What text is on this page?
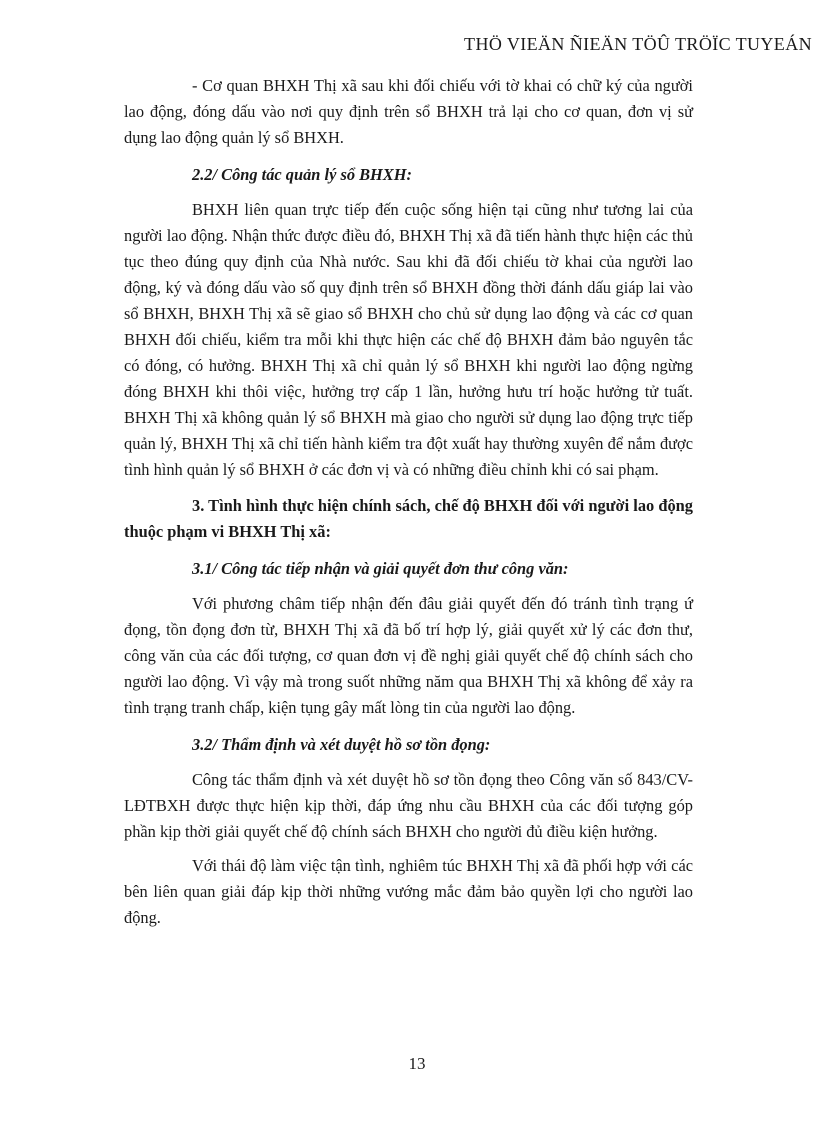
THÖ VIEÄN ÑIEÄN TÖÛ TRÖÏC TUYEÁN

- Cơ quan BHXH Thị xã sau khi đối chiếu với tờ khai có chữ ký của người lao động, đóng dấu vào nơi quy định trên sổ BHXH trả lại cho cơ quan, đơn vị sử dụng lao động quản lý sổ BHXH.

2.2/ Công tác quản lý sổ BHXH:

BHXH liên quan trực tiếp đến cuộc sống hiện tại cũng như tương lai của người lao động. Nhận thức được điều đó, BHXH Thị xã đã tiến hành thực hiện các thủ tục theo đúng quy định của Nhà nước. Sau khi đã đối chiếu tờ khai của người lao động, ký và đóng dấu vào số quy định trên sổ BHXH đồng thời đánh dấu giáp lai vào sổ BHXH, BHXH Thị xã sẽ giao sổ BHXH cho chủ sử dụng lao động và các cơ quan BHXH đối chiếu, kiểm tra mỗi khi thực hiện các chế độ BHXH đảm bảo nguyên tắc có đóng, có hưởng. BHXH Thị xã chỉ quản lý sổ BHXH khi người lao động ngừng đóng BHXH khi thôi việc, hưởng trợ cấp 1 lần, hưởng hưu trí hoặc hưởng tử tuất. BHXH Thị xã không quản lý sổ BHXH mà giao cho người sử dụng lao động trực tiếp quản lý, BHXH Thị xã chỉ tiến hành kiểm tra đột xuất hay thường xuyên để nắm được tình hình quản lý sổ BHXH ở các đơn vị và có những điều chỉnh khi có sai phạm.

3. Tình hình thực hiện chính sách, chế độ BHXH đối với người lao động thuộc phạm vi BHXH Thị xã:
3.1/ Công tác tiếp nhận và giải quyết đơn thư công văn:

Với phương châm tiếp nhận đến đâu giải quyết đến đó tránh tình trạng ứ đọng, tồn đọng đơn từ, BHXH Thị xã đã bố trí hợp lý, giải quyết xử lý các đơn thư, công văn của các đối tượng, cơ quan đơn vị đề nghị giải quyết chế độ chính sách cho người lao động. Vì vậy mà trong suốt những năm qua BHXH Thị xã không để xảy ra tình trạng tranh chấp, kiện tụng gây mất lòng tin của người lao động.

3.2/ Thẩm định và xét duyệt hồ sơ tồn đọng:

Công tác thẩm định và xét duyệt hồ sơ tồn đọng theo Công văn số 843/CV-LĐTBXH được thực hiện kịp thời, đáp ứng nhu cầu BHXH của các đối tượng góp phần kịp thời giải quyết chế độ chính sách BHXH cho người đủ điều kiện hưởng.

Với thái độ làm việc tận tình, nghiêm túc BHXH Thị xã đã phối hợp với các bên liên quan giải đáp kịp thời những vướng mắc đảm bảo quyền lợi cho người lao động.

13
